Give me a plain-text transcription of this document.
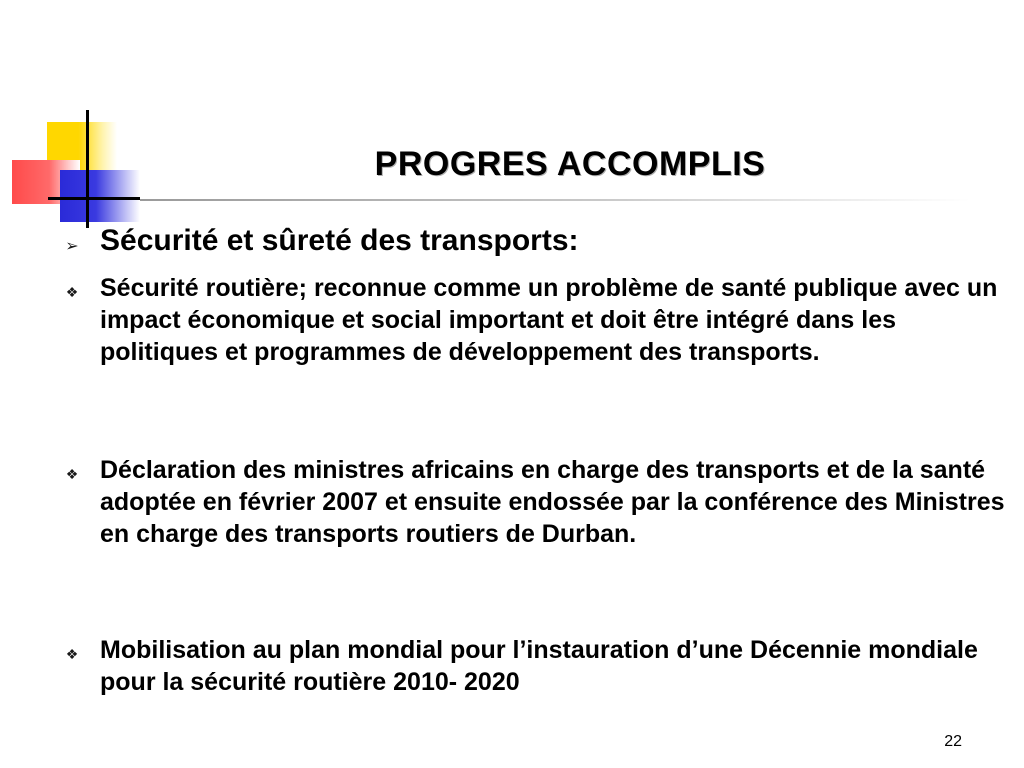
PROGRES ACCOMPLIS
➢ Sécurité et sûreté des transports:

❖ Sécurité routière; reconnue comme un problème de santé publique avec un impact économique et social important et doit être intégré dans les politiques et programmes de développement des transports.

❖ Déclaration des ministres africains en charge des transports et de la santé adoptée en février 2007 et ensuite endossée par la conférence des Ministres en charge des transports routiers de Durban.

❖ Mobilisation au plan mondial pour l’instauration d’une Décennie mondiale pour la sécurité routière 2010- 2020

22
